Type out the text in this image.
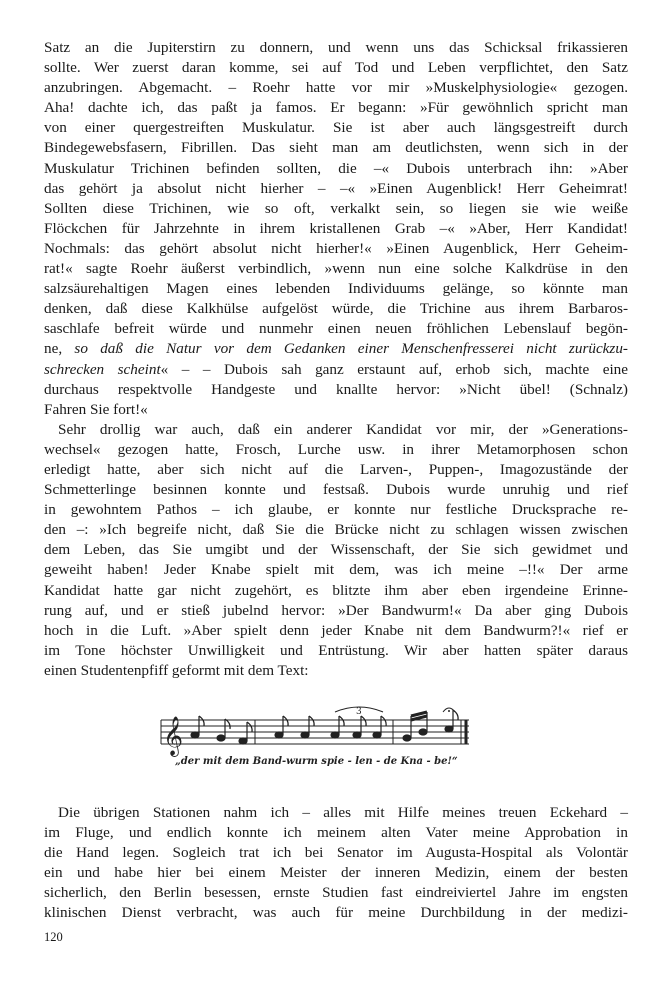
Satz an die Jupiterstirn zu donnern, und wenn uns das Schicksal frikassieren
sollte. Wer zuerst daran komme, sei auf Tod und Leben verpflichtet, den Satz
anzubringen. Abgemacht. – Roehr hatte vor mir »Muskelphysiologie« gezogen.
Aha! dachte ich, das paßt ja famos. Er begann: »Für gewöhnlich spricht man
von einer quergestreiften Muskulatur. Sie ist aber auch längsgestreift durch
Bindegewebsfasern, Fibrillen. Das sieht man am deutlichsten, wenn sich in der
Muskulatur Trichinen befinden sollten, die –« Dubois unterbrach ihn: »Aber
das gehört ja absolut nicht hierher – –« »Einen Augenblick! Herr Geheimrat!
Sollten diese Trichinen, wie so oft, verkalkt sein, so liegen sie wie weiße
Flöckchen für Jahrzehnte in ihrem kristallenen Grab –« »Aber, Herr Kandidat!
Nochmals: das gehört absolut nicht hierher!« »Einen Augenblick, Herr Geheim-
rat!« sagte Roehr äußerst verbindlich, »wenn nun eine solche Kalkdrüse in den
salzsäurehaltigen Magen eines lebenden Individuums gelänge, so könnte man
denken, daß diese Kalkhülse aufgelöst würde, die Trichine aus ihrem Barbaros-
saschlafe befreit würde und nunmehr einen neuen fröhlichen Lebenslauf begön-
ne, so daß die Natur vor dem Gedanken einer Menschenfresserei nicht zurückzu-
schrecken scheint« – – Dubois sah ganz erstaunt auf, erhob sich, machte eine
durchaus respektvolle Handgeste und knallte hervor: »Nicht übel! (Schnalz)
Fahren Sie fort!«
Sehr drollig war auch, daß ein anderer Kandidat vor mir, der »Generations-
wechsel« gezogen hatte, Frosch, Lurche usw. in ihrer Metamorphosen schon
erledigt hatte, aber sich nicht auf die Larven-, Puppen-, Imagozustände der
Schmetterlinge besinnen konnte und festsaß. Dubois wurde unruhig und rief
in gewohntem Pathos – ich glaube, er konnte nur festliche Drucksprache re-
den –: »Ich begreife nicht, daß Sie die Brücke nicht zu schlagen wissen zwischen
dem Leben, das Sie umgibt und der Wissenschaft, der Sie sich gewidmet und
geweiht haben! Jeder Knabe spielt mit dem, was ich meine –!!« Der arme
Kandidat hatte gar nicht zugehört, es blitzte ihm aber eben irgendeine Erinne-
rung auf, und er stieß jubelnd hervor: »Der Bandwurm!« Da aber ging Dubois
hoch in die Luft. »Aber spielt denn jeder Knabe nit dem Bandwurm?!« rief er
im Tone höchster Unwilligkeit und Entrüstung. Wir aber hatten später daraus
einen Studentenpfiff geformt mit dem Text:
𝄞
3
„der mit dem Band-wurm spie - len - de Kna - be!“
Die übrigen Stationen nahm ich – alles mit Hilfe meines treuen Eckehard –
im Fluge, und endlich konnte ich meinem alten Vater meine Approbation in
die Hand legen. Sogleich trat ich bei Senator im Augusta-Hospital als Volontär
ein und habe hier bei einem Meister der inneren Medizin, einem der besten
sicherlich, den Berlin besessen, ernste Studien fast eindreiviertel Jahre im engsten
klinischen Dienst verbracht, was auch für meine Durchbildung in der medizi-
120
